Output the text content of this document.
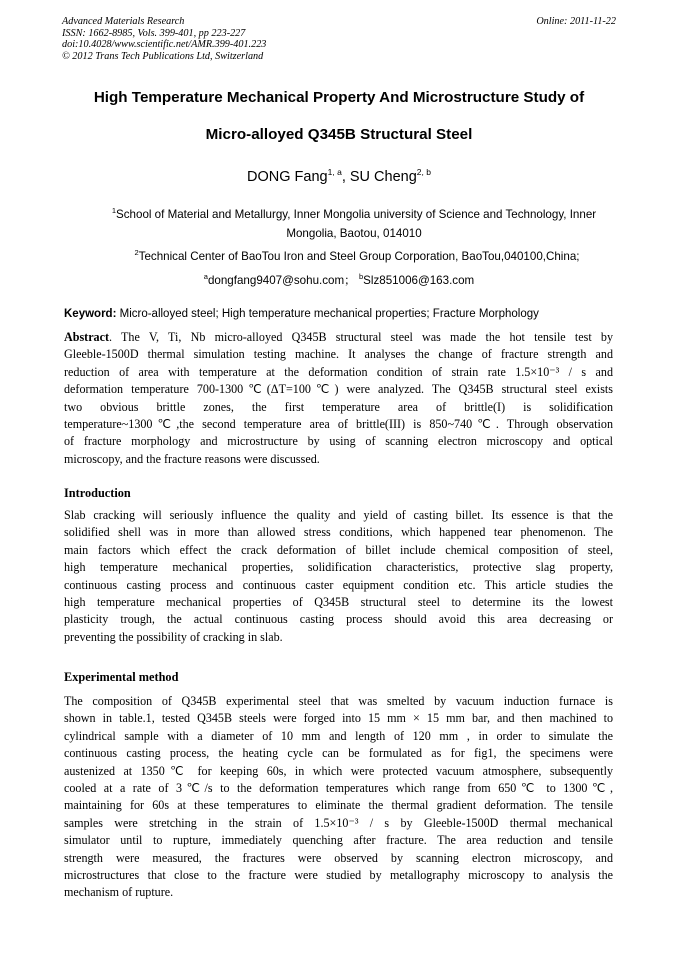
Advanced Materials Research
ISSN: 1662-8985, Vols. 399-401, pp 223-227
doi:10.4028/www.scientific.net/AMR.399-401.223
© 2012 Trans Tech Publications Ltd, Switzerland
Online: 2011-11-22
High Temperature Mechanical Property And Microstructure Study of
Micro-alloyed Q345B Structural Steel
DONG Fang$^{1, a}$, SU Cheng$^{2, b}$
$^1$School of Material and Metallurgy, Inner Mongolia university of Science and Technology, Inner
Mongolia, Baotou, 014010
$^2$Technical Center of BaoTou Iron and Steel Group Corporation, BaoTou,040100,China;
$^a$dongfang9407@sohu.com； $^b$Slz851006@163.com
Keyword: Micro-alloyed steel; High temperature mechanical properties; Fracture Morphology
Abstract. The V, Ti, Nb micro-alloyed Q345B structural steel was made the hot tensile test by
Gleeble-1500D thermal simulation testing machine. It analyses the change of fracture strength and
reduction of area with temperature at the deformation condition of strain rate 1.5×10⁻³ / s and
deformation temperature 700-1300℃(ΔT=100℃) were analyzed. The Q345B structural steel exists
two obvious brittle zones, the first temperature area of brittle(I) is solidification
temperature~1300℃,the second temperature area of brittle(III) is 850~740℃. Through observation
of fracture morphology and microstructure by using of scanning electron microscopy and optical
microscopy, and the fracture reasons were discussed.
Introduction
Slab cracking will seriously influence the quality and yield of casting billet. Its essence is that the
solidified shell was in more than allowed stress conditions, which happened tear phenomenon. The
main factors which effect the crack deformation of billet include chemical composition of steel,
high temperature mechanical properties, solidification characteristics, protective slag property,
continuous casting process and continuous caster equipment condition etc. This article studies the
high temperature mechanical properties of Q345B structural steel to determine its the lowest
plasticity trough, the actual continuous casting process should avoid this area decreasing or
preventing the possibility of cracking in slab.
Experimental method
The composition of Q345B experimental steel that was smelted by vacuum induction furnace is
shown in table.1, tested Q345B steels were forged into 15 mm × 15 mm bar, and then machined to
cylindrical sample with a diameter of 10 mm and length of 120 mm , in order to simulate the
continuous casting process, the heating cycle can be formulated as for fig1, the specimens were
austenized at 1350℃ for keeping 60s, in which were protected vacuum atmosphere, subsequently
cooled at a rate of 3℃/s to the deformation temperatures which range from 650℃ to 1300℃,
maintaining for 60s at these temperatures to eliminate the thermal gradient deformation. The tensile
samples were stretching in the strain of 1.5×10⁻³ / s by Gleeble-1500D thermal mechanical
simulator until to rupture, immediately quenching after fracture. The area reduction and tensile
strength were measured, the fractures were observed by scanning electron microscopy, and
microstructures that close to the fracture were studied by metallography microscopy to analysis the
mechanism of rupture.
